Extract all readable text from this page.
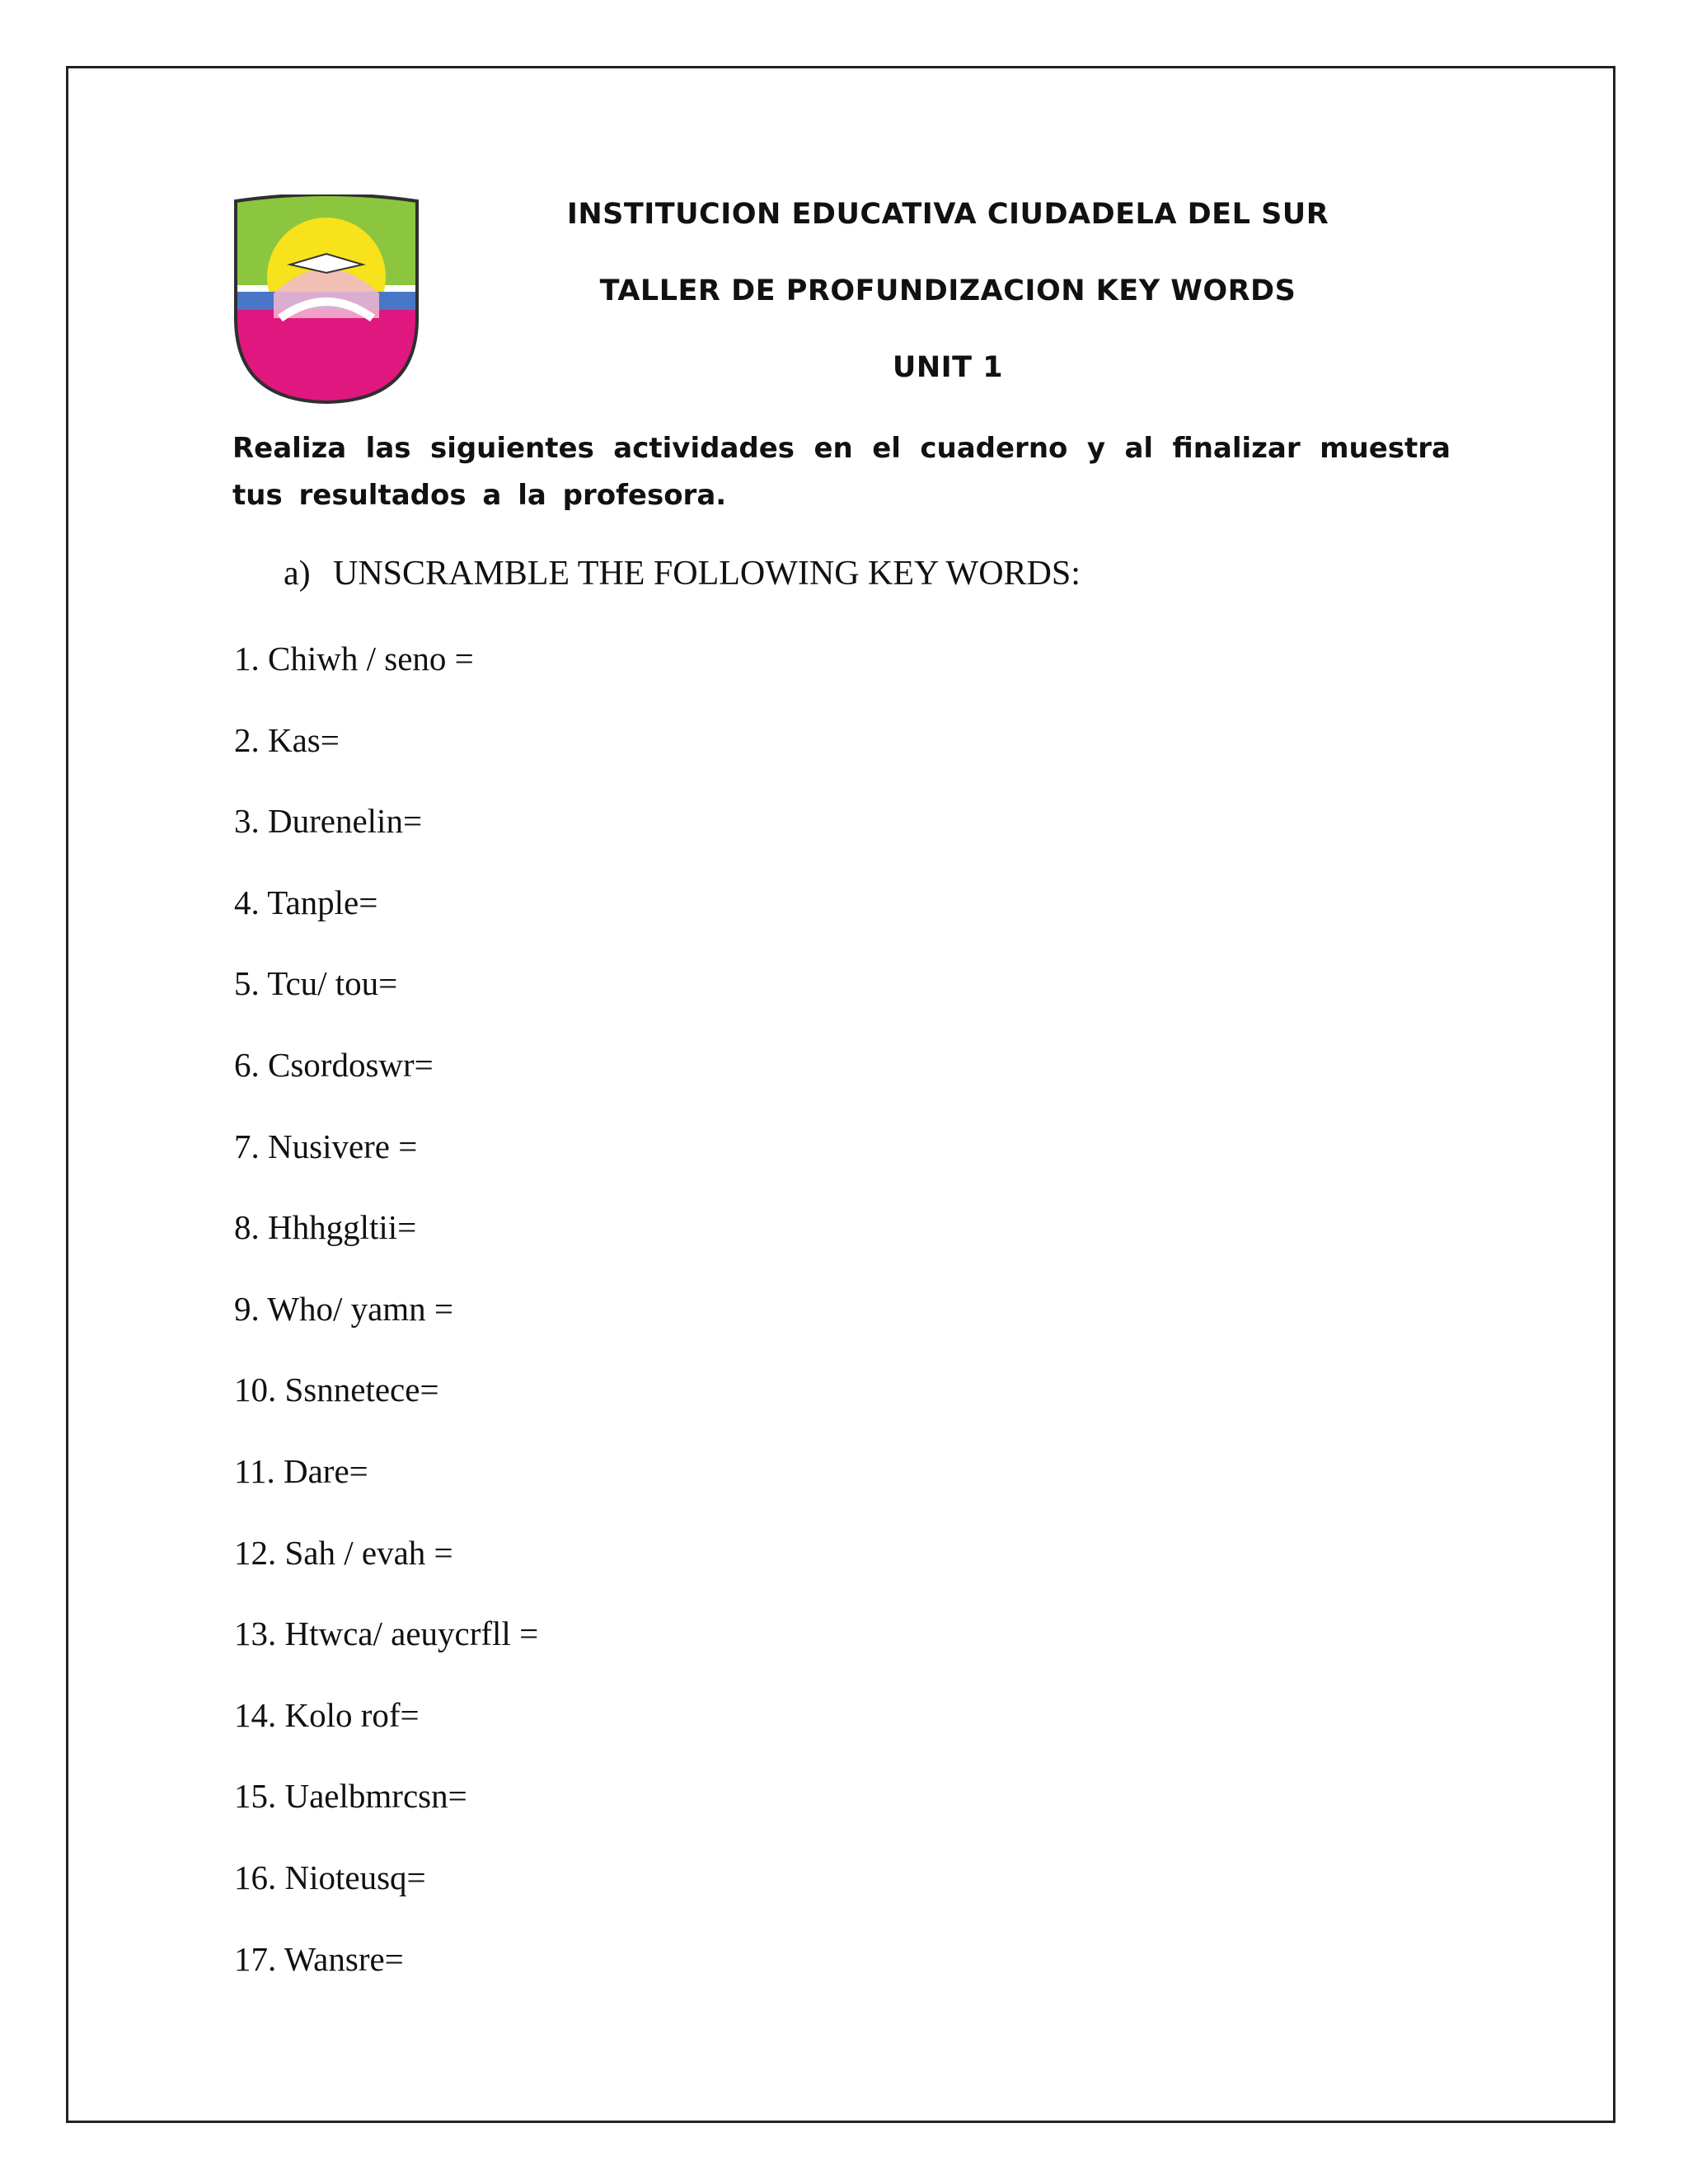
INSTITUCION EDUCATIVA CIUDADELA DEL SUR
TALLER DE PROFUNDIZACION KEY WORDS
UNIT 1
Realiza las siguientes actividades en el cuaderno y al finalizar muestra tus resultados a la profesora.
a) UNSCRAMBLE THE FOLLOWING KEY WORDS:
1. Chiwh / seno =
2. Kas=
3. Durenelin=
4. Tanple=
5. Tcu/ tou=
6. Csordoswr=
7. Nusivere =
8. Hhhggltii=
9. Who/ yamn =
10. Ssnnetece=
11. Dare=
12. Sah / evah =
13. Htwca/ aeuycrfll =
14. Kolo rof=
15. Uaelbmrcsn=
16. Nioteusq=
17. Wansre=
